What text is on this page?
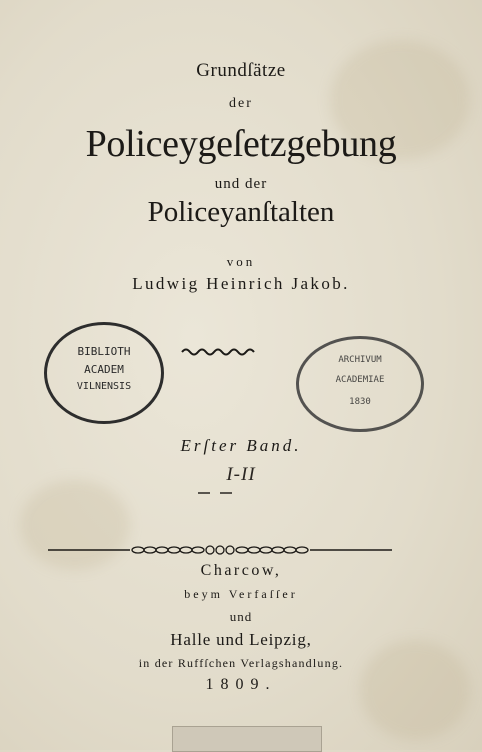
Grundſätze
der
Policeygeſetzgebung
und der
Policeyanſtalten
von
Ludwig Heinrich Jakob.
BIBLIOTH
ACADEM
VILNENSIS
ARCHIVUM
ACADEMIAE
1830
Erſter Band.
I-II
Charcow,
beym Verfaſſer
und
Halle und Leipzig,
in der Ruffſchen Verlagshandlung.
1809.
